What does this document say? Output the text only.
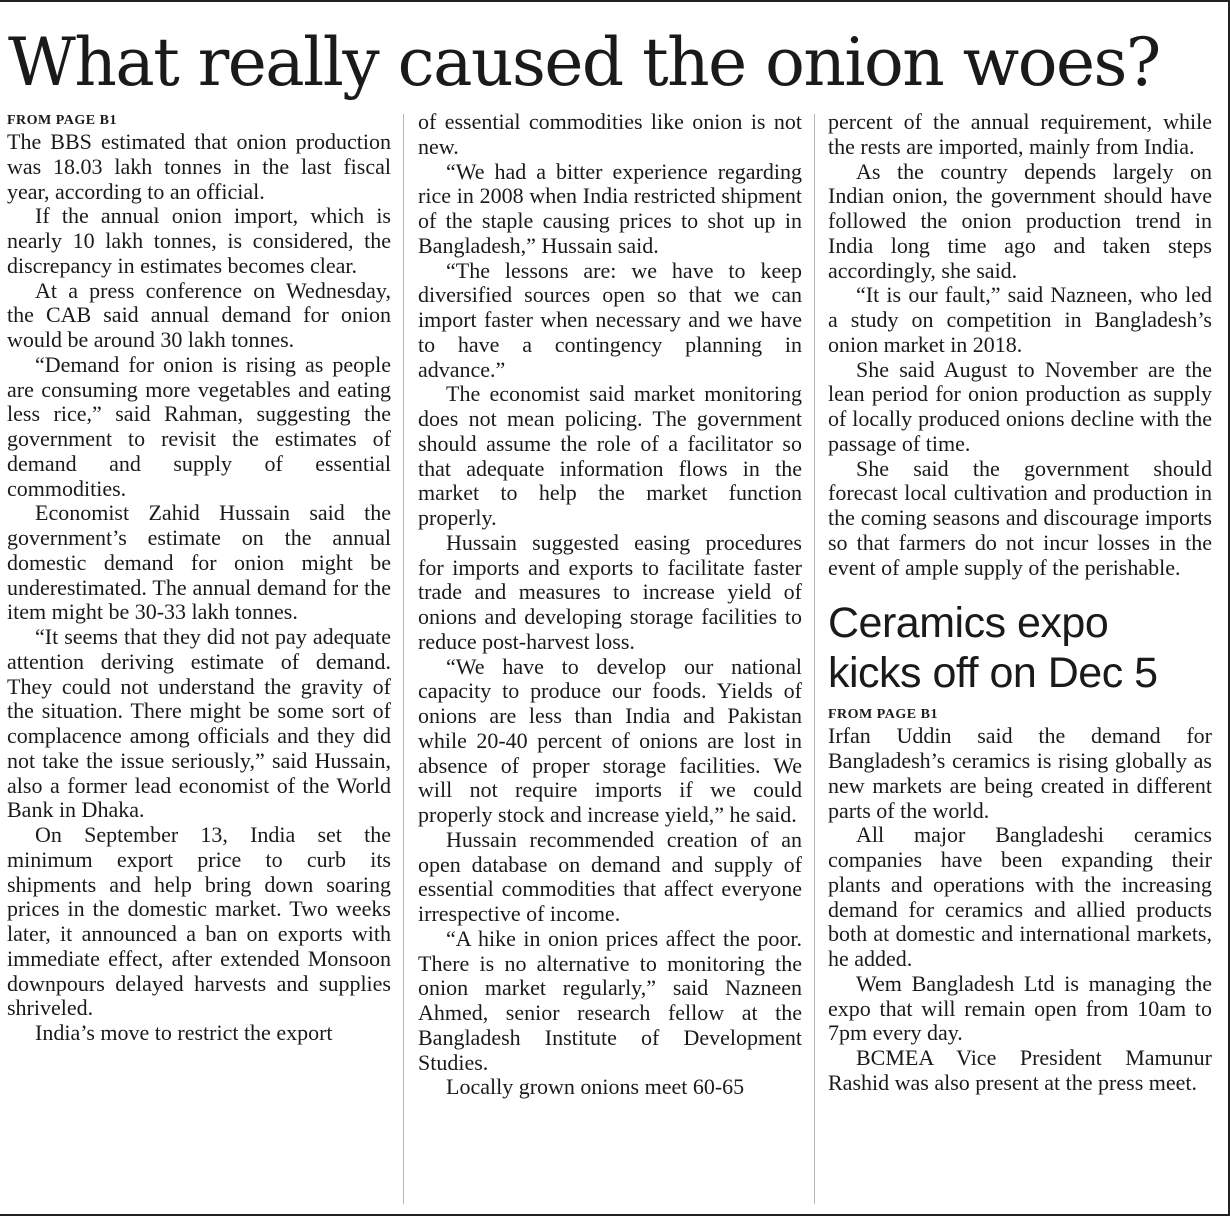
What really caused the onion woes?
FROM PAGE B1

The BBS estimated that onion production was 18.03 lakh tonnes in the last fiscal year, according to an official.

If the annual onion import, which is nearly 10 lakh tonnes, is considered, the discrepancy in estimates becomes clear.

At a press conference on Wednesday, the CAB said annual demand for onion would be around 30 lakh tonnes.

“Demand for onion is rising as people are consuming more vegetables and eating less rice,” said Rahman, suggesting the government to revisit the estimates of demand and supply of essential commodities.

Economist Zahid Hussain said the government’s estimate on the annual domestic demand for onion might be underestimated. The annual demand for the item might be 30-33 lakh tonnes.

“It seems that they did not pay adequate attention deriving estimate of demand. They could not understand the gravity of the situation. There might be some sort of complacence among officials and they did not take the issue seriously,” said Hussain, also a former lead economist of the World Bank in Dhaka.

On September 13, India set the minimum export price to curb its shipments and help bring down soaring prices in the domestic market. Two weeks later, it announced a ban on exports with immediate effect, after extended Monsoon downpours delayed harvests and supplies shriveled.

India’s move to restrict the export

of essential commodities like onion is not new.

“We had a bitter experience regarding rice in 2008 when India restricted shipment of the staple causing prices to shot up in Bangladesh,” Hussain said.

“The lessons are: we have to keep diversified sources open so that we can import faster when necessary and we have to have a contingency planning in advance.”

The economist said market monitoring does not mean policing. The government should assume the role of a facilitator so that adequate information flows in the market to help the market function properly.

Hussain suggested easing procedures for imports and exports to facilitate faster trade and measures to increase yield of onions and developing storage facilities to reduce post-harvest loss.

“We have to develop our national capacity to produce our foods. Yields of onions are less than India and Pakistan while 20-40 percent of onions are lost in absence of proper storage facilities. We will not require imports if we could properly stock and increase yield,” he said.

Hussain recommended creation of an open database on demand and supply of essential commodities that affect everyone irrespective of income.

“A hike in onion prices affect the poor. There is no alternative to monitoring the onion market regularly,” said Nazneen Ahmed, senior research fellow at the Bangladesh Institute of Development Studies.

Locally grown onions meet 60-65

percent of the annual requirement, while the rests are imported, mainly from India.

As the country depends largely on Indian onion, the government should have followed the onion production trend in India long time ago and taken steps accordingly, she said.

“It is our fault,” said Nazneen, who led a study on competition in Bangladesh’s onion market in 2018.

She said August to November are the lean period for onion production as supply of locally produced onions decline with the passage of time.

She said the government should forecast local cultivation and production in the coming seasons and discourage imports so that farmers do not incur losses in the event of ample supply of the perishable.

Ceramics expo kicks off on Dec 5
FROM PAGE B1

Irfan Uddin said the demand for Bangladesh’s ceramics is rising globally as new markets are being created in different parts of the world.

All major Bangladeshi ceramics companies have been expanding their plants and operations with the increasing demand for ceramics and allied products both at domestic and international markets, he added.

Wem Bangladesh Ltd is managing the expo that will remain open from 10am to 7pm every day.

BCMEA Vice President Mamunur Rashid was also present at the press meet.
